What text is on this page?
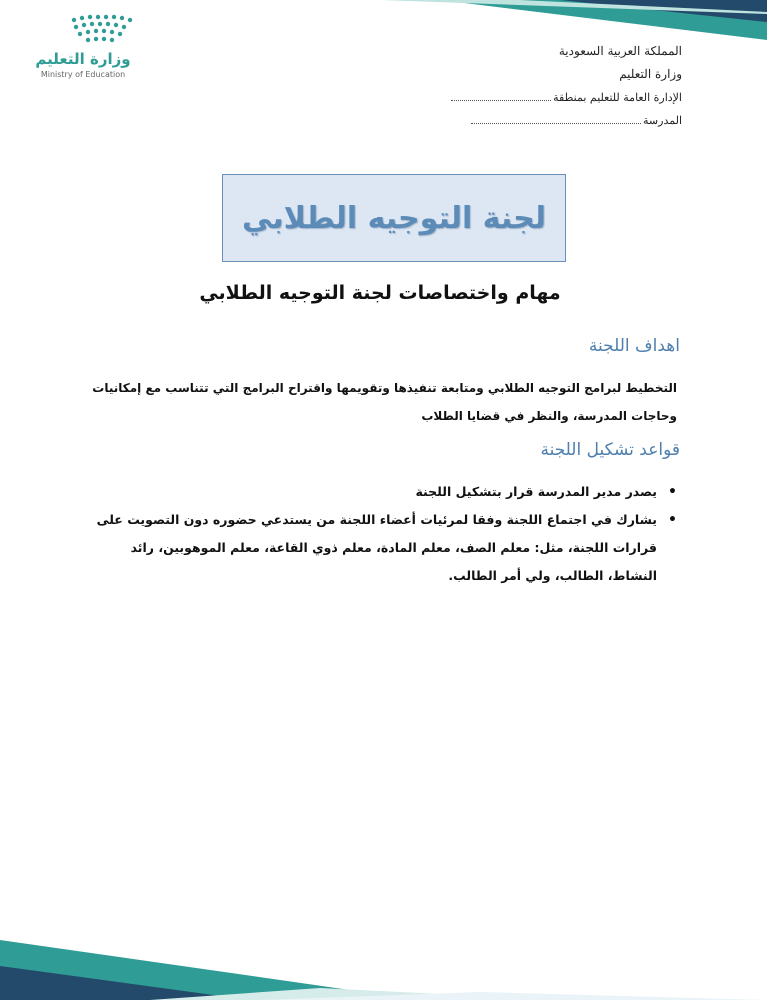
وزارة التعليم
Ministry of Education
المملكة العربية السعودية
وزارة التعليم
الإدارة العامة للتعليم بمنطقة
المدرسة
لجنة التوجيه الطلابي
مهام واختصاصات لجنة التوجيه الطلابي
اهداف اللجنة
التخطيط لبرامج التوجيه الطلابي ومتابعة تنفيذها وتقويمها واقتراح البرامج التي تتناسب مع إمكانيات وحاجات المدرسة، والنظر في قضايا الطلاب
قواعد تشكيل اللجنة
•
يصدر مدير المدرسة قرار بتشكيل اللجنة
•
يشارك في اجتماع اللجنة وفقا لمرئيات أعضاء اللجنة من يستدعي حضوره دون التصويت على قرارات اللجنة، مثل: معلم الصف، معلم المادة، معلم ذوي القاعة، معلم الموهوبين، رائد النشاط، الطالب، ولي أمر الطالب.
